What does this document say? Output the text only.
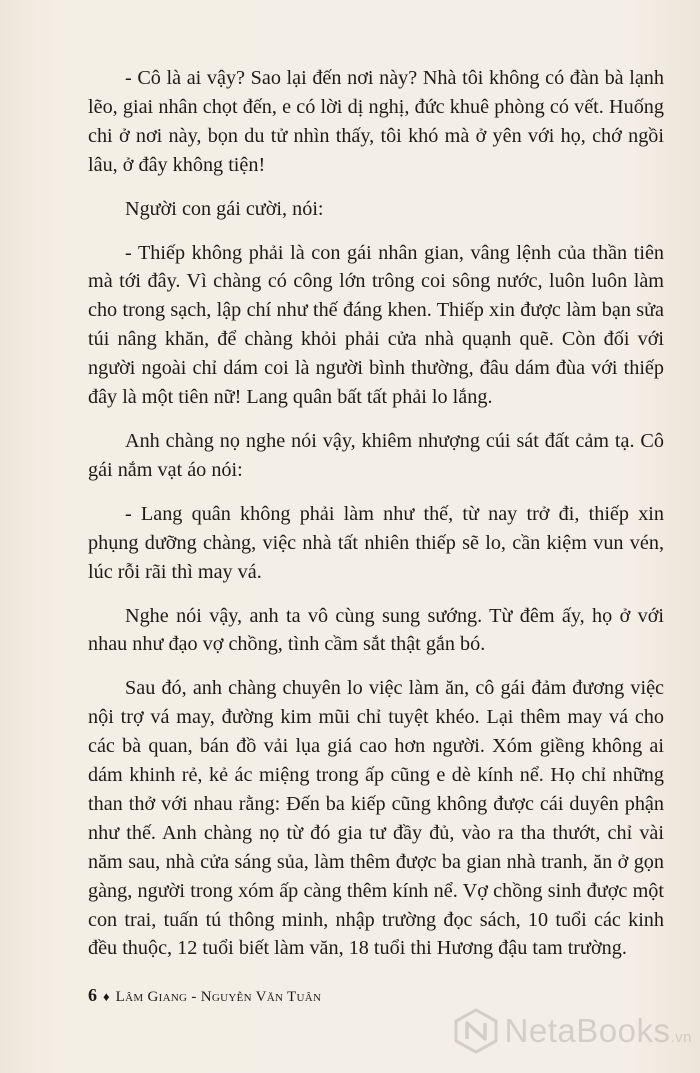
- Cô là ai vậy? Sao lại đến nơi này? Nhà tôi không có đàn bà lạnh lẽo, giai nhân chọt đến, e có lời dị nghị, đức khuê phòng có vết. Huống chi ở nơi này, bọn du tử nhìn thấy, tôi khó mà ở yên với họ, chớ ngồi lâu, ở đây không tiện!

Người con gái cười, nói:

- Thiếp không phải là con gái nhân gian, vâng lệnh của thần tiên mà tới đây. Vì chàng có công lớn trông coi sông nước, luôn luôn làm cho trong sạch, lập chí như thế đáng khen. Thiếp xin được làm bạn sửa túi nâng khăn, để chàng khỏi phải cửa nhà quạnh quẽ. Còn đối với người ngoài chỉ dám coi là người bình thường, đâu dám đùa với thiếp đây là một tiên nữ! Lang quân bất tất phải lo lắng.

Anh chàng nọ nghe nói vậy, khiêm nhượng cúi sát đất cảm tạ. Cô gái nắm vạt áo nói:

- Lang quân không phải làm như thế, từ nay trở đi, thiếp xin phụng dưỡng chàng, việc nhà tất nhiên thiếp sẽ lo, cần kiệm vun vén, lúc rỗi rãi thì may vá.

Nghe nói vậy, anh ta vô cùng sung sướng. Từ đêm ấy, họ ở với nhau như đạo vợ chồng, tình cầm sắt thật gắn bó.

Sau đó, anh chàng chuyên lo việc làm ăn, cô gái đảm đương việc nội trợ vá may, đường kim mũi chỉ tuyệt khéo. Lại thêm may vá cho các bà quan, bán đồ vải lụa giá cao hơn người. Xóm giềng không ai dám khinh rẻ, kẻ ác miệng trong ấp cũng e dè kính nể. Họ chỉ những than thở với nhau rằng: Đến ba kiếp cũng không được cái duyên phận như thế. Anh chàng nọ từ đó gia tư đầy đủ, vào ra tha thướt, chỉ vài năm sau, nhà cửa sáng sủa, làm thêm được ba gian nhà tranh, ăn ở gọn gàng, người trong xóm ấp càng thêm kính nể. Vợ chồng sinh được một con trai, tuấn tú thông minh, nhập trường đọc sách, 10 tuổi các kinh đều thuộc, 12 tuổi biết làm văn, 18 tuổi thi Hương đậu tam trường.

6 ♦ Lâm Giang - Nguyễn Văn Tuân
NetaBooks.vn
